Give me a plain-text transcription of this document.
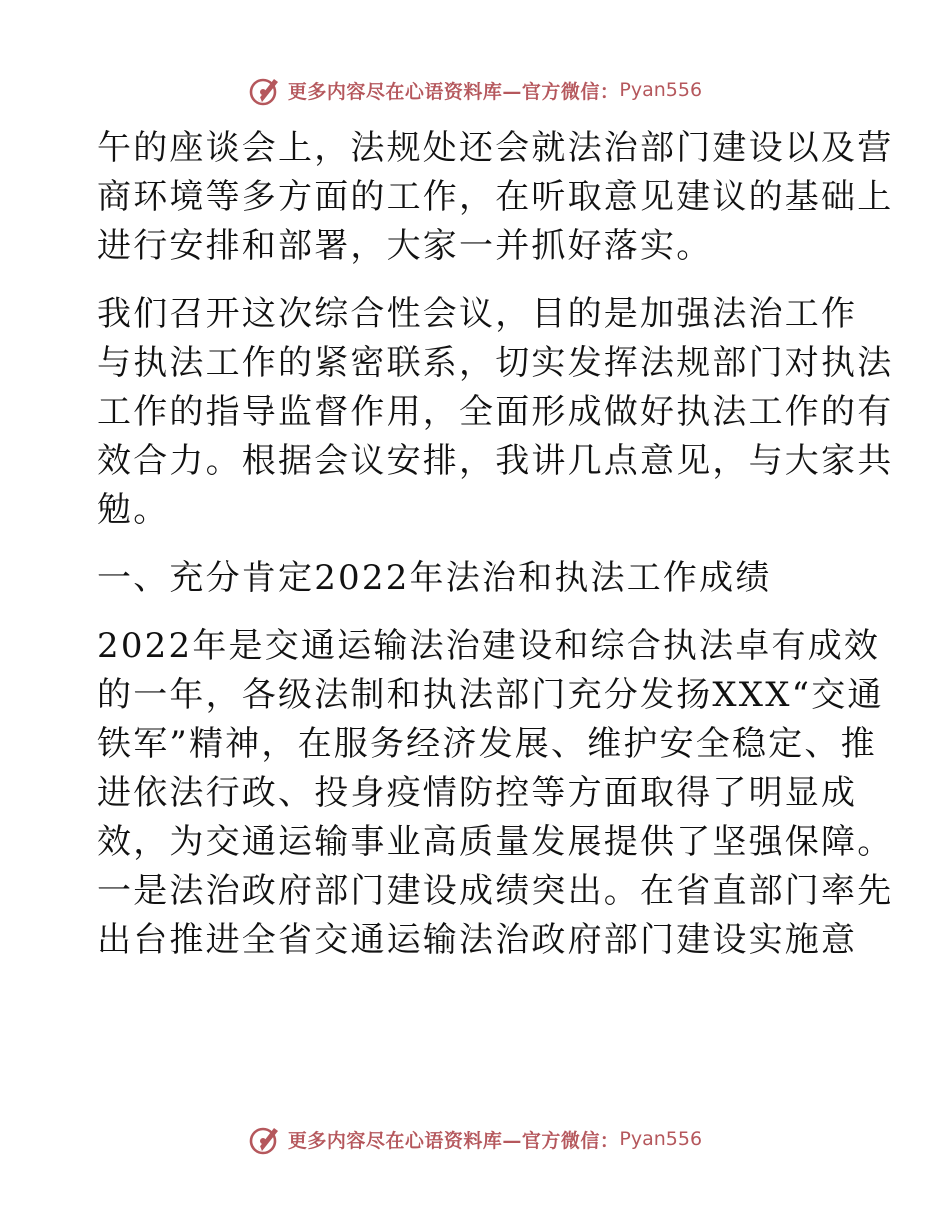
更多内容尽在心语资料库—官方微信： Pyan556
午的座谈会上，法规处还会就法治部门建设以及营
商环境等多方面的工作，在听取意见建议的基础上
进行安排和部署，大家一并抓好落实。
我们召开这次综合性会议，目的是加强法治工作
与执法工作的紧密联系，切实发挥法规部门对执法
工作的指导监督作用，全面形成做好执法工作的有
效合力。根据会议安排，我讲几点意见，与大家共
勉。
一、充分肯定2022年法治和执法工作成绩
2022年是交通运输法治建设和综合执法卓有成效
的一年，各级法制和执法部门充分发扬XXX“交通
铁军”精神，在服务经济发展、维护安全稳定、推
进依法行政、投身疫情防控等方面取得了明显成
效，为交通运输事业高质量发展提供了坚强保障。
一是法治政府部门建设成绩突出。在省直部门率先
出台推进全省交通运输法治政府部门建设实施意
更多内容尽在心语资料库—官方微信： Pyan556
